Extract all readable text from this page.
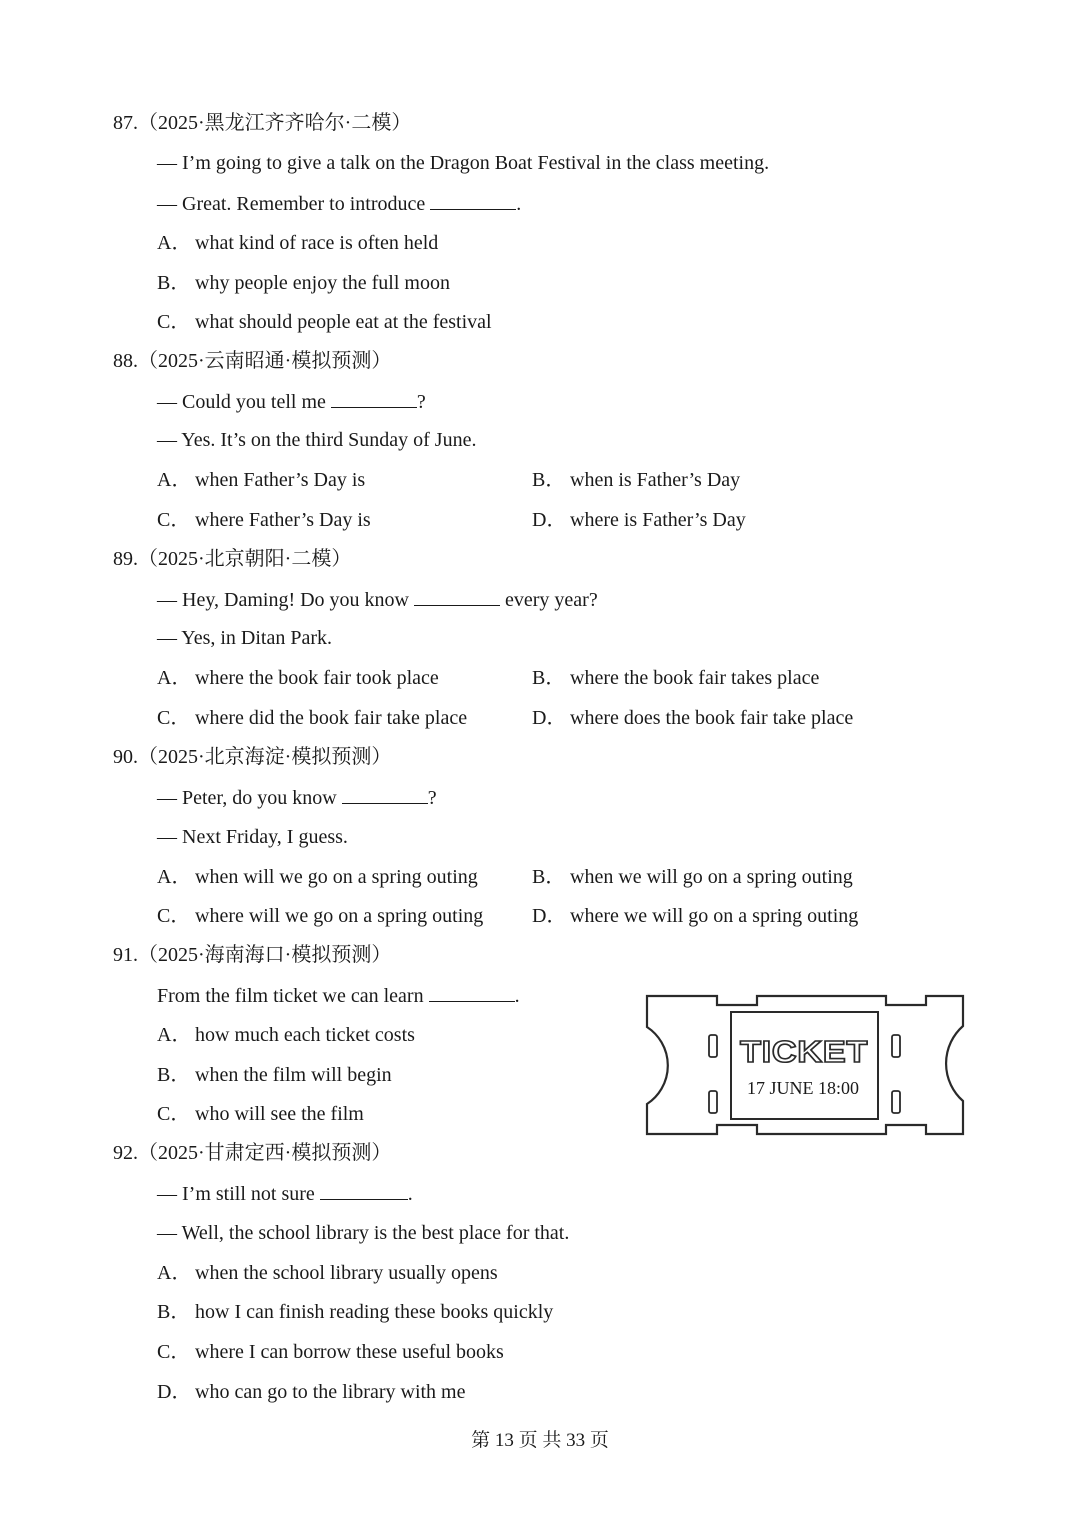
87.（2025·黑龙江齐齐哈尔·二模）
— I’m going to give a talk on the Dragon Boat Festival in the class meeting.
— Great. Remember to introduce	.
A． what kind of race is often held
B． why people enjoy the full moon
C． what should people eat at the festival
88.（2025·云南昭通·模拟预测）
— Could you tell me	?
— Yes. It’s on the third Sunday of June.
A． when Father’s Day is	B． when is Father’s Day
C． where Father’s Day is	D． where is Father’s Day
89.（2025·北京朝阳·二模）
— Hey, Daming! Do you know	every year?
— Yes, in Ditan Park.
A． where the book fair took place	B． where the book fair takes place
C． where did the book fair take place	D． where does the book fair take place
90.（2025·北京海淀·模拟预测）
— Peter, do you know	?
— Next Friday, I guess.
A． when will we go on a spring outing	B． when we will go on a spring outing
C． where will we go on a spring outing D． where we will go on a spring outing
91.（2025·海南海口·模拟预测）
From the film ticket we can learn	.
A． how much each ticket costs
B． when the film will begin
C． who will see the film
TICKET
17 JUNE 18:00
92.（2025·甘肃定西·模拟预测）
— I’m still not sure	.
— Well, the school library is the best place for that.
A． when the school library usually opens
B． how I can finish reading these books quickly
C． where I can borrow these useful books
D． who can go to the library with me
第 13 页 共 33 页
